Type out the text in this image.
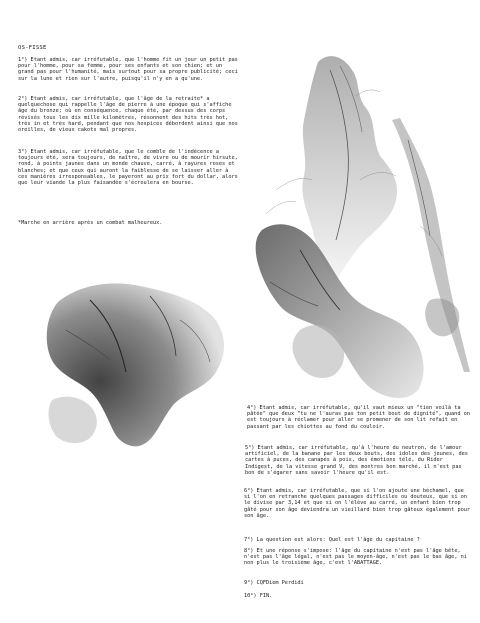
OS-FISSE
1°) Etant admis, car irréfutable, que l'homme fit un jour un petit pas pour l'homme, pour sa femme, pour ses enfants et son chien; et un grand pas pour l'humanité, mais surtout pour sa propre publicité; ceci sur la lune et rien sur l'autre, puisqu'il n'y en a qu'une.
2°) Etant admis, car irréfutable, que l'âge de la retraite* a quelquechose qui rappelle l'âge de pierre à une époque qui s'affiche âge du bronze; où en conséquence, chaque été, par dessus des corps révisés tous les dix mille kilomètres, résonnent des hits très hot, très in et très hard, pendant que nos hospices débordent ainsi que nos oreilles, de vieux cakots mal propres.
3°) Etant admis, car irréfutable, que le comble de l'indécence a toujours été, sera toujours, de naître, de vivre ou de mourir hirsute, rond, à points jaunes dans un monde chauve, carré, à rayures roses et blanches; et que ceux qui auront la faiblesse de se laisser aller à ces manières irresponsables, le payeront au prix fort du dollar, alors que leur viande la plus faisandée s'écroulera en bourse.
*Marche en arrière après un combat malheureux.
4°) Etant admis, car irréfutable, qu'il vaut mieux un "tien voilà ta pâtée" que deux "tu ne l'auras pas ton petit bout de dignité", quand on est toujours à réclamer pour aller se promener de son lit refait en passant par les chiottes au fond du couloir.
5°) Etant admis, car irréfutable, qu'à l'heure du neutron, de l'amour artificiel, de la banane par les deux bouts, des idoles des jeunes, des cartes à puces, des canapés à pois, des émotions télé, du Rider Indigest, de la vitesse grand V, des montres bon marché, il n'est pas bon de s'égarer sans savoir l'heure qu'il est.
6°) Etant admis, car irréfutable, que si l'on ajoute une béchamel, que si l'on en retranche quelques passages difficiles ou douteux, que si on le divise par 3,14 et que si on l'élève au carré, un enfant bien trop gâté pour son âge deviendra un vieillard bien trop gâteux également pour son âge.
7°) La question est alors: Quel est l'âge du capitaine ?
8°) Et une réponse s'impose: l'âge du capitaine n'est pas l'âge bête, n'est pas l'âge légal, n'est pas le moyen-âge, n'est pas le bas âge, ni non plus le troisième âge, c'est l'ABATTAGE.
9°) CQFDiem Perdidi
10°) FIN.
